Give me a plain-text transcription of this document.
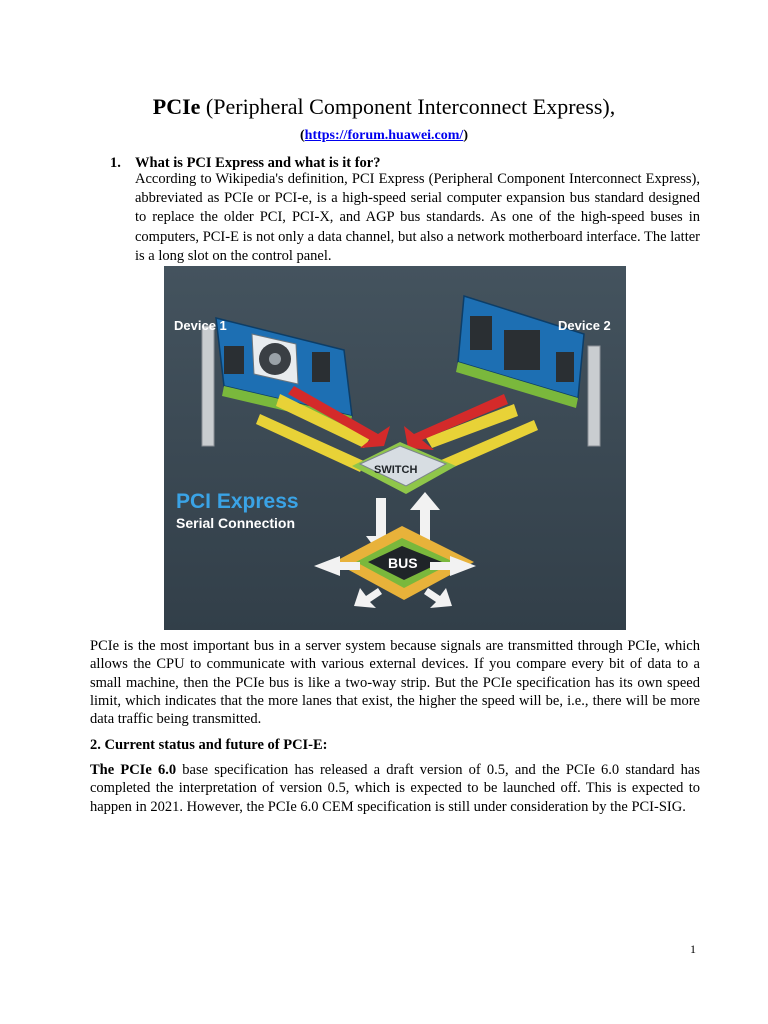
PCIe (Peripheral Component Interconnect Express),
(https://forum.huawei.com/)
1. What is PCI Express and what is it for?
According to Wikipedia's definition, PCI Express (Peripheral Component Interconnect Express), abbreviated as PCIe or PCI-e, is a high-speed serial computer expansion bus standard designed to replace the older PCI, PCI-X, and AGP bus standards. As one of the high-speed buses in computers, PCI-E is not only a data channel, but also a network motherboard interface. The latter is a long slot on the control panel.
Device 1	Device 2
SWITCH
BUS
PCI Express
Serial Connection
PCIe is the most important bus in a server system because signals are transmitted through PCIe, which allows the CPU to communicate with various external devices. If you compare every bit of data to a small machine, then the PCIe bus is like a two-way strip. But the PCIe specification has its own speed limit, which indicates that the more lanes that exist, the higher the speed will be, i.e., there will be more data traffic being transmitted.
2. Current status and future of PCI-E:
The PCIe 6.0 base specification has released a draft version of 0.5, and the PCIe 6.0 standard has completed the interpretation of version 0.5, which is expected to be launched off. This is expected to happen in 2021. However, the PCIe 6.0 CEM specification is still under consideration by the PCI-SIG.
1
